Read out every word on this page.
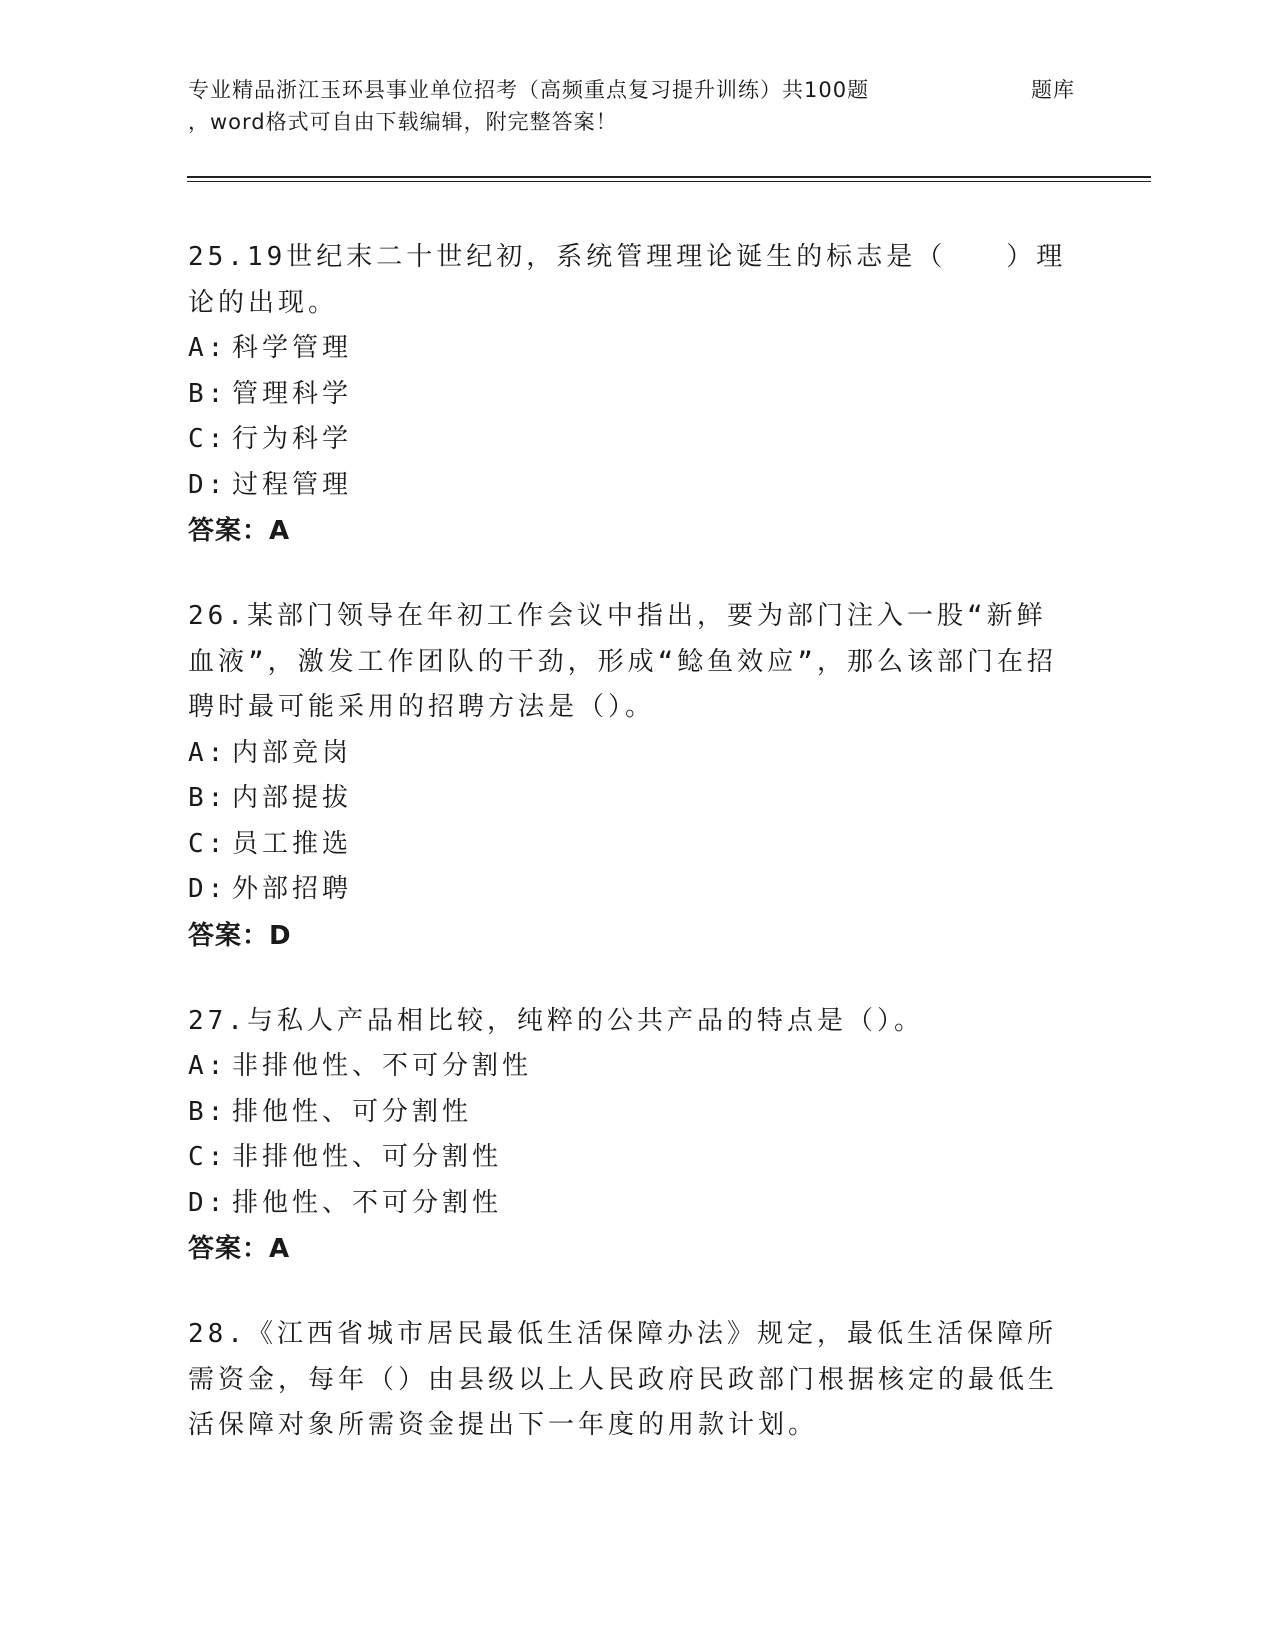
专业精品浙江玉环县事业单位招考（高频重点复习提升训练）共100题	题库
，word格式可自由下载编辑，附完整答案！

25.19世纪末二十世纪初，系统管理理论诞生的标志是（　　）理论的出现。

A: 科学管理
B: 管理科学
C: 行为科学
D: 过程管理
答案：A

26.某部门领导在年初工作会议中指出，要为部门注入一股“新鲜血液”，激发工作团队的干劲，形成“鲶鱼效应”，那么该部门在招聘时最可能采用的招聘方法是（）。

A: 内部竞岗
B: 内部提拔
C: 员工推选
D: 外部招聘
答案：D

27.与私人产品相比较，纯粹的公共产品的特点是（）。

A: 非排他性、不可分割性
B: 排他性、可分割性
C: 非排他性、可分割性
D: 排他性、不可分割性
答案：A

28.《江西省城市居民最低生活保障办法》规定，最低生活保障所需资金，每年（）由县级以上人民政府民政部门根据核定的最低生活保障对象所需资金提出下一年度的用款计划。
